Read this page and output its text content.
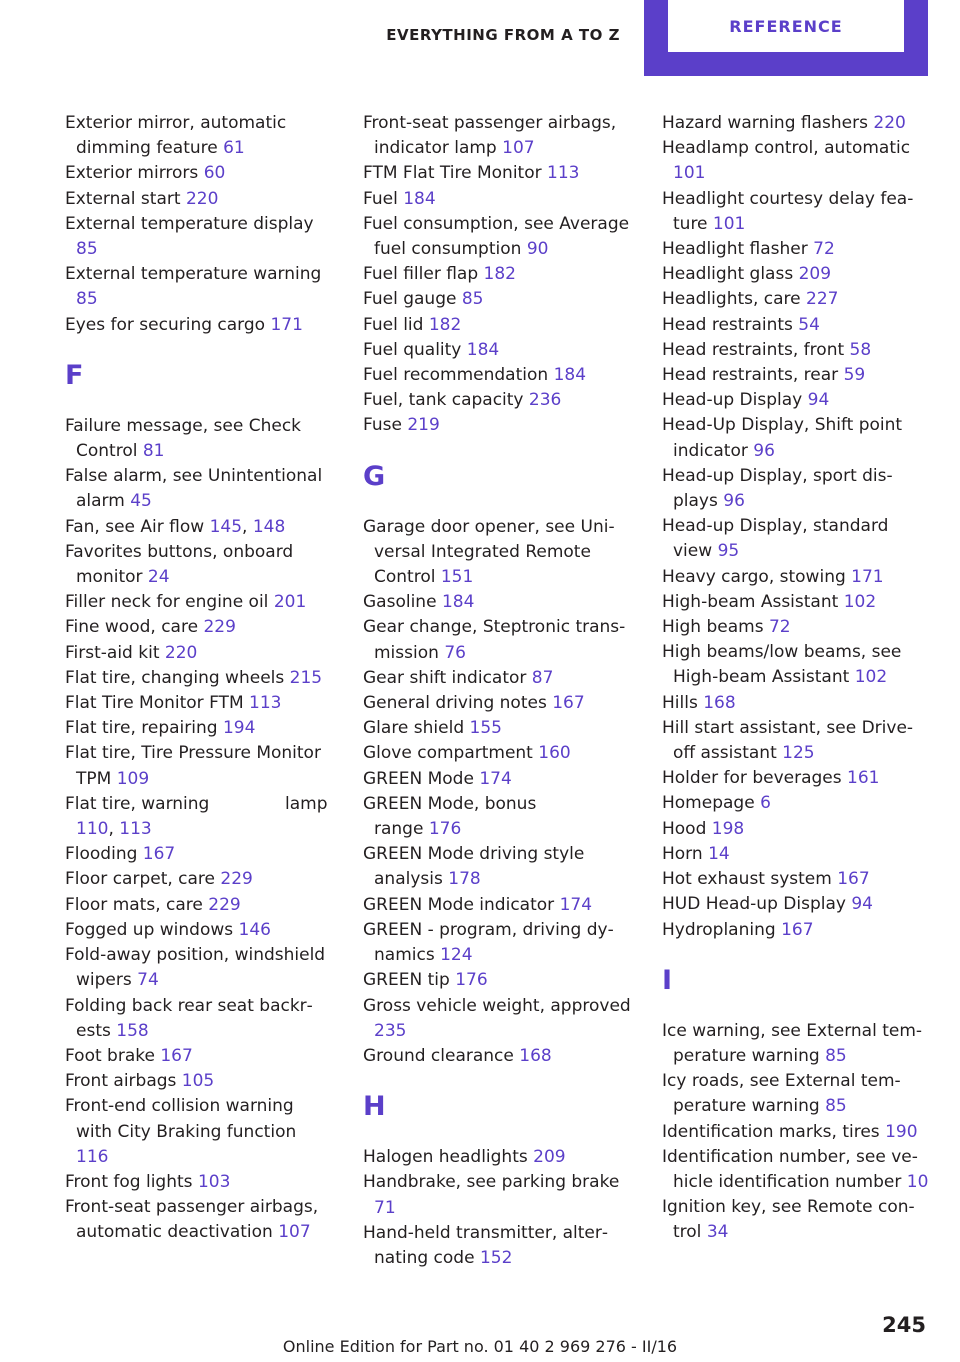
EVERYTHING FROM A TO Z	REFERENCE
Exterior mirror, automatic dimming feature 61
Exterior mirrors 60
External start 220
External temperature display 85
External temperature warning 85
Eyes for securing cargo 171
F
Failure message, see Check Control 81
False alarm, see Unintentional alarm 45
Fan, see Air flow 145, 148
Favorites buttons, onboard monitor 24
Filler neck for engine oil 201
Fine wood, care 229
First-aid kit 220
Flat tire, changing wheels 215
Flat Tire Monitor FTM 113
Flat tire, repairing 194
Flat tire, Tire Pressure Monitor TPM 109
Flat tire, warning              lamp 110, 113
Flooding 167
Floor carpet, care 229
Floor mats, care 229
Fogged up windows 146
Fold-away position, windshield wipers 74
Folding back rear seat backrests 158
Foot brake 167
Front airbags 105
Front-end collision warning with City Braking function 116
Front fog lights 103
Front-seat passenger airbags, automatic deactivation 107
Front-seat passenger airbags, indicator lamp 107
FTM Flat Tire Monitor 113
Fuel 184
Fuel consumption, see Average fuel consumption 90
Fuel filler flap 182
Fuel gauge 85
Fuel lid 182
Fuel quality 184
Fuel recommendation 184
Fuel, tank capacity 236
Fuse 219
G
Garage door opener, see Universal Integrated Remote Control 151
Gasoline 184
Gear change, Steptronic transmission 76
Gear shift indicator 87
General driving notes 167
Glare shield 155
Glove compartment 160
GREEN Mode 174
GREEN Mode, bonus             range 176
GREEN Mode driving style analysis 178
GREEN Mode indicator 174
GREEN - program, driving dynamics 124
GREEN tip 176
Gross vehicle weight, approved 235
Ground clearance 168
H
Halogen headlights 209
Handbrake, see parking brake 71
Hand-held transmitter, alternating code 152
Hazard warning flashers 220
Headlamp control, automatic 101
Headlight courtesy delay feature 101
Headlight flasher 72
Headlight glass 209
Headlights, care 227
Head restraints 54
Head restraints, front 58
Head restraints, rear 59
Head-up Display 94
Head-Up Display, Shift point indicator 96
Head-up Display, sport displays 96
Head-up Display, standard view 95
Heavy cargo, stowing 171
High-beam Assistant 102
High beams 72
High beams/low beams, see High-beam Assistant 102
Hills 168
Hill start assistant, see Drive-off assistant 125
Holder for beverages 161
Homepage 6
Hood 198
Horn 14
Hot exhaust system 167
HUD Head-up Display 94
Hydroplaning 167
I
Ice warning, see External temperature warning 85
Icy roads, see External temperature warning 85
Identification marks, tires 190
Identification number, see vehicle identification number 10
Ignition key, see Remote control 34
245
Online Edition for Part no. 01 40 2 969 276 - II/16
